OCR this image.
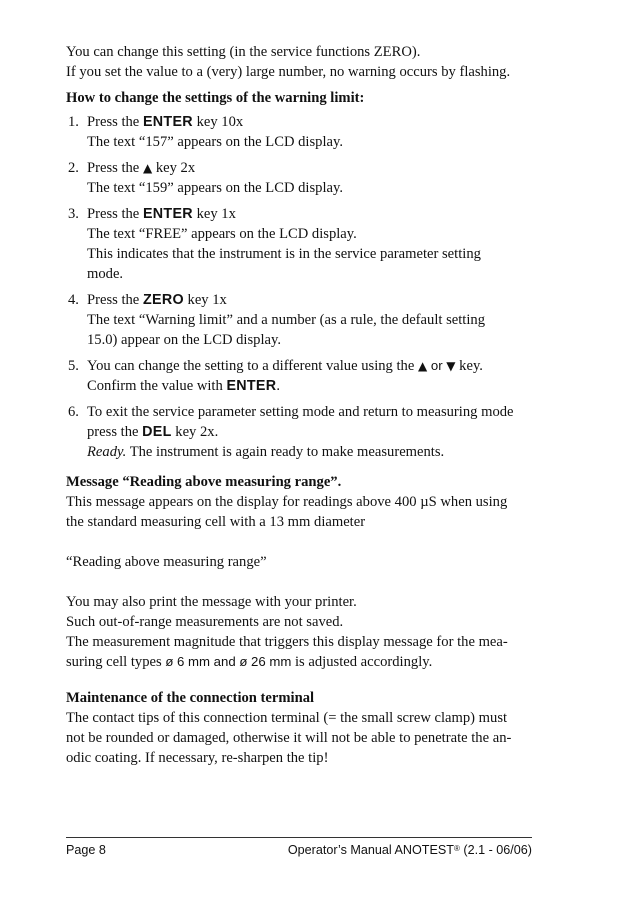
You can change this setting (in the service functions ZERO).

If you set the value to a (very) large number, no warning occurs by flashing.

How to change the settings of the warning limit:

1. Press the ENTER key 10x
The text “157” appears on the LCD display.
2. Press the ▲ key 2x
The text “159” appears on the LCD display.
3. Press the ENTER key 1x
The text “FREE” appears on the LCD display.
This indicates that the instrument is in the service parameter setting
mode.
4. Press the ZERO key 1x
The text “Warning limit” and a number (as a rule, the default setting
15.0) appear on the LCD display.
5. You can change the setting to a different value using the ▲ or ▼ key.
Confirm the value with ENTER.
6. To exit the service parameter setting mode and return to measuring mode
press the DEL key 2x.
Ready. The instrument is again ready to make measurements.

Message “Reading above measuring range”.

This message appears on the display for readings above 400 µS when using

the standard measuring cell with a 13 mm diameter

“Reading above measuring range”

You may also print the message with your printer.

Such out-of-range measurements are not saved.

The measurement magnitude that triggers this display message for the mea-

suring cell types ø 6 mm and ø 26 mm is adjusted accordingly.

Maintenance of the connection terminal

The contact tips of this connection terminal (= the small screw clamp) must

not be rounded or damaged, otherwise it will not be able to penetrate the an-

odic coating. If necessary, re-sharpen the tip!

Page 8	Operator’s Manual ANOTEST® (2.1 - 06/06)
